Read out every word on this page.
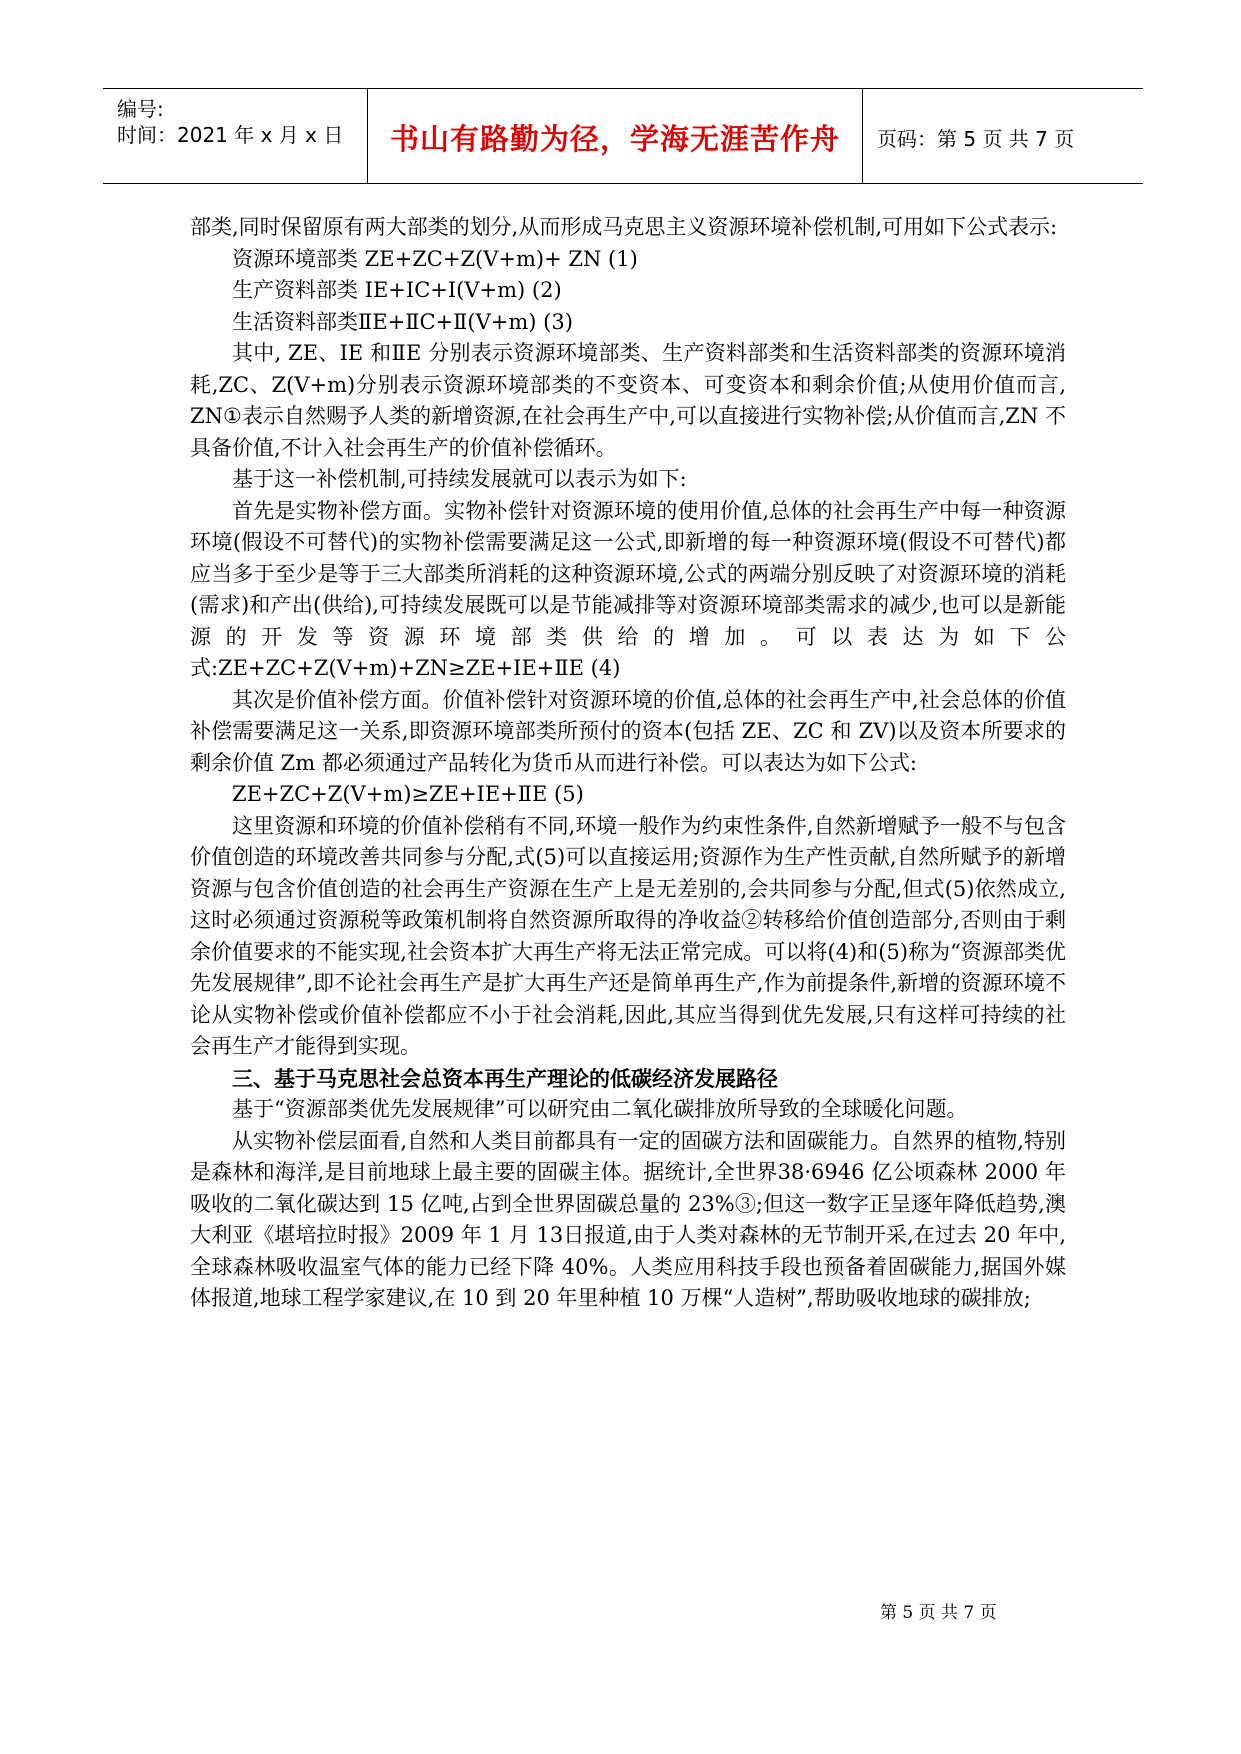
编号:
时间：2021 年 x 月 x 日	书山有路勤为径，学海无涯苦作舟	页码：第 5 页 共 7 页

部类,同时保留原有两大部类的划分,从而形成马克思主义资源环境补偿机制,可用如下公式表示:

资源环境部类 ZE+ZC+Z(V+m)+ ZN (1)

生产资料部类 IE+IC+I(V+m) (2)

生活资料部类ⅡE+ⅡC+Ⅱ(V+m) (3)

其中, ZE、IE 和ⅡE 分别表示资源环境部类、生产资料部类和生活资料部类的资源环境消耗,ZC、Z(V+m)分别表示资源环境部类的不变资本、可变资本和剩余价值;从使用价值而言, ZN①表示自然赐予人类的新增资源,在社会再生产中,可以直接进行实物补偿;从价值而言,ZN 不具备价值,不计入社会再生产的价值补偿循环。

基于这一补偿机制,可持续发展就可以表示为如下:

首先是实物补偿方面。实物补偿针对资源环境的使用价值,总体的社会再生产中每一种资源环境(假设不可替代)的实物补偿需要满足这一公式,即新增的每一种资源环境(假设不可替代)都应当多于至少是等于三大部类所消耗的这种资源环境,公式的两端分别反映了对资源环境的消耗(需求)和产出(供给),可持续发展既可以是节能减排等对资源环境部类需求的减少,也可以是新能源的开发等资源环境部类供给的增加。可以表达为如下公式:ZE+ZC+Z(V+m)+ZN≥ZE+IE+ⅡE (4)

其次是价值补偿方面。价值补偿针对资源环境的价值,总体的社会再生产中,社会总体的价值补偿需要满足这一关系,即资源环境部类所预付的资本(包括 ZE、ZC 和 ZV)以及资本所要求的剩余价值 Zm 都必须通过产品转化为货币从而进行补偿。可以表达为如下公式:

ZE+ZC+Z(V+m)≥ZE+IE+ⅡE (5)

这里资源和环境的价值补偿稍有不同,环境一般作为约束性条件,自然新增赋予一般不与包含价值创造的环境改善共同参与分配,式(5)可以直接运用;资源作为生产性贡献,自然所赋予的新增资源与包含价值创造的社会再生产资源在生产上是无差别的,会共同参与分配,但式(5)依然成立,这时必须通过资源税等政策机制将自然资源所取得的净收益②转移给价值创造部分,否则由于剩余价值要求的不能实现,社会资本扩大再生产将无法正常完成。可以将(4)和(5)称为“资源部类优先发展规律”,即不论社会再生产是扩大再生产还是简单再生产,作为前提条件,新增的资源环境不论从实物补偿或价值补偿都应不小于社会消耗,因此,其应当得到优先发展,只有这样可持续的社会再生产才能得到实现。

三、基于马克思社会总资本再生产理论的低碳经济发展路径

基于“资源部类优先发展规律”可以研究由二氧化碳排放所导致的全球暖化问题。

从实物补偿层面看,自然和人类目前都具有一定的固碳方法和固碳能力。自然界的植物,特别是森林和海洋,是目前地球上最主要的固碳主体。据统计,全世界38·6946 亿公顷森林 2000 年吸收的二氧化碳达到 15 亿吨,占到全世界固碳总量的 23%③;但这一数字正呈逐年降低趋势,澳大利亚《堪培拉时报》2009 年 1 月 13日报道,由于人类对森林的无节制开采,在过去 20 年中,全球森林吸收温室气体的能力已经下降 40%。人类应用科技手段也预备着固碳能力,据国外媒体报道,地球工程学家建议,在 10 到 20 年里种植 10 万棵“人造树”,帮助吸收地球的碳排放;

第 5 页 共 7 页
